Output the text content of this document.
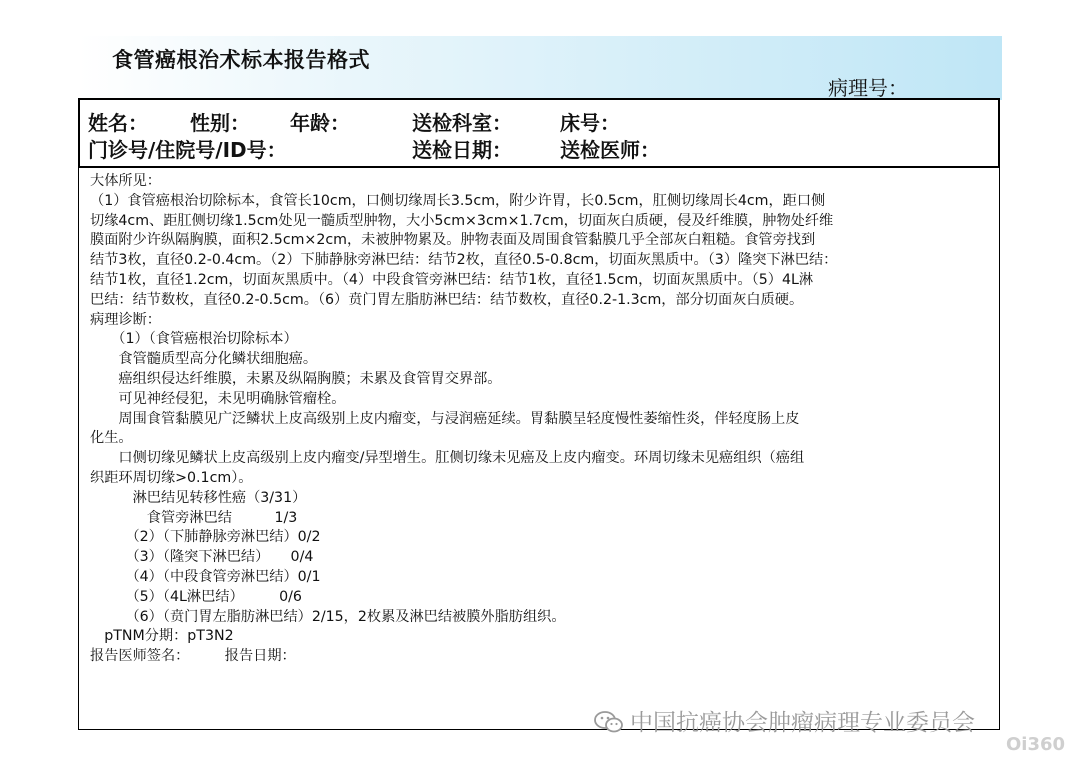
食管癌根治术标本报告格式
病理号：
姓名： 性别： 年龄：	送检科室： 床号：
门诊号/住院号/ID号：	送检日期： 送检医师：
大体所见：
（1）食管癌根治切除标本，食管长10cm，口侧切缘周长3.5cm，附少许胃，长0.5cm，肛侧切缘周长4cm，距口侧
切缘4cm、距肛侧切缘1.5cm处见一髓质型肿物，大小5cm×3cm×1.7cm，切面灰白质硬，侵及纤维膜，肿物处纤维
膜面附少许纵隔胸膜，面积2.5cm×2cm，未被肿物累及。肿物表面及周围食管黏膜几乎全部灰白粗糙。食管旁找到
结节3枚，直径0.2-0.4cm。（2）下肺静脉旁淋巴结：结节2枚，直径0.5-0.8cm，切面灰黑质中。（3）隆突下淋巴结：
结节1枚，直径1.2cm，切面灰黑质中。（4）中段食管旁淋巴结：结节1枚，直径1.5cm，切面灰黑质中。（5）4L淋
巴结：结节数枚，直径0.2-0.5cm。（6）贲门胃左脂肪淋巴结：结节数枚，直径0.2-1.3cm，部分切面灰白质硬。
病理诊断：
　　（1）（食管癌根治切除标本）
　　食管髓质型高分化鳞状细胞癌。
　　癌组织侵达纤维膜，未累及纵隔胸膜；未累及食管胃交界部。
　　可见神经侵犯，未见明确脉管瘤栓。
　　周围食管黏膜见广泛鳞状上皮高级别上皮内瘤变，与浸润癌延续。胃黏膜呈轻度慢性萎缩性炎，伴轻度肠上皮
化生。
　　口侧切缘见鳞状上皮高级别上皮内瘤变/异型增生。肛侧切缘未见癌及上皮内瘤变。环周切缘未见癌组织（癌组
织距环周切缘>0.1cm）。
　　　淋巴结见转移性癌（3/31）
　　　　食管旁淋巴结　　　1/3
　　　（2）（下肺静脉旁淋巴结）0/2
　　　（3）（隆突下淋巴结）　　0/4
　　　（4）（中段食管旁淋巴结）0/1
　　　（5）（4L淋巴结）　　　0/6
　　　（6）（贲门胃左脂肪淋巴结）2/15，2枚累及淋巴结被膜外脂肪组织。
　pTNM分期：pT3N2
报告医师签名：　　　报告日期：
中国抗癌协会肿瘤病理专业委员会
Oi360
